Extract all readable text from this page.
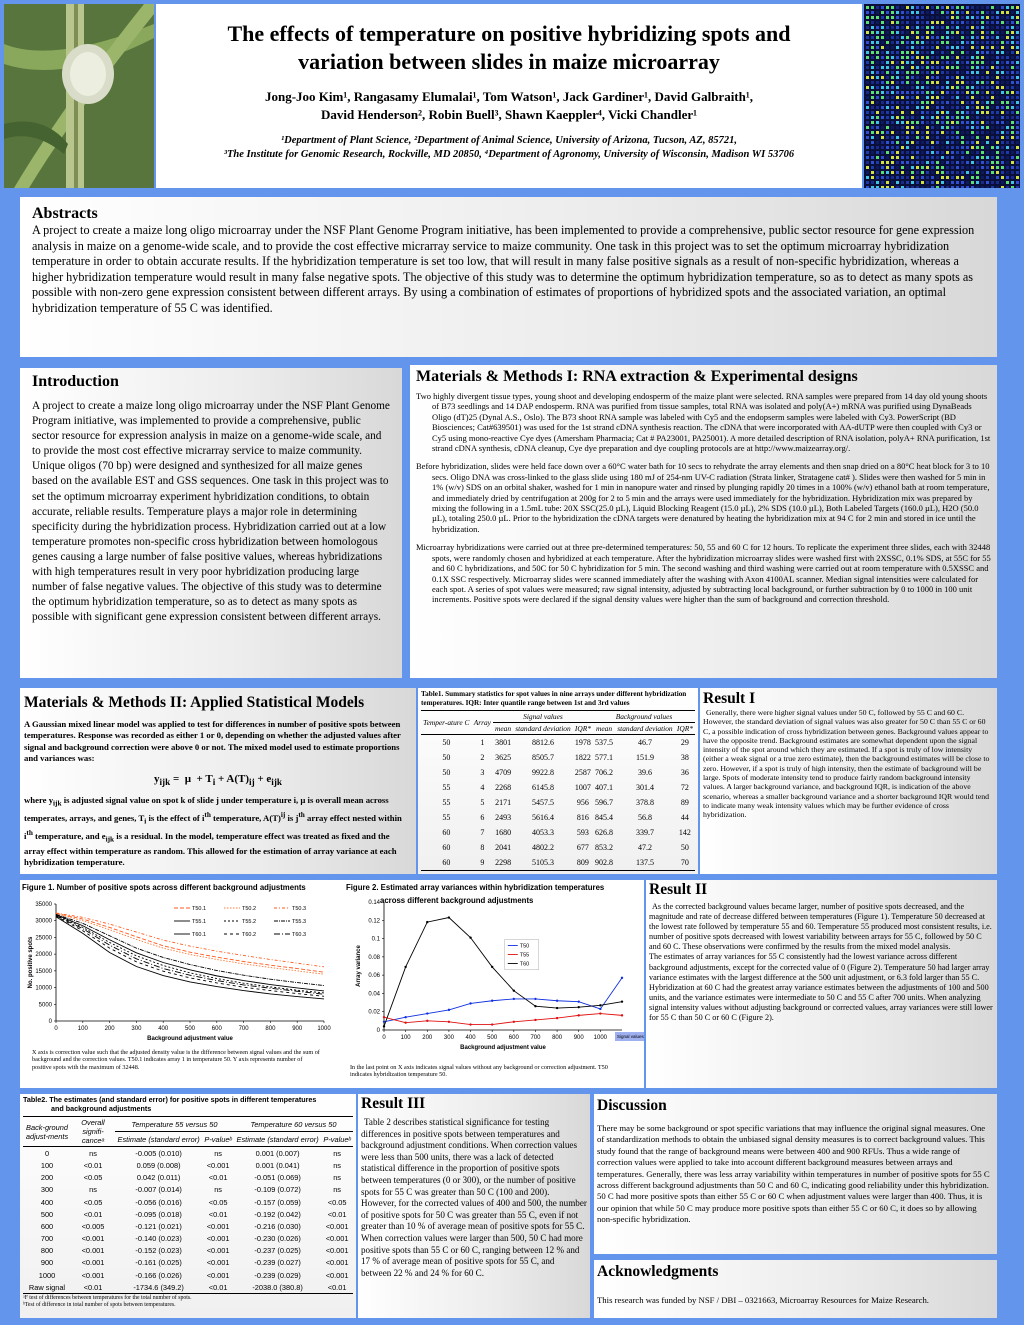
The effects of temperature on positive hybridizing spots and
variation between slides in maize microarray
Jong-Joo Kim¹, Rangasamy Elumalai¹, Tom Watson¹, Jack Gardiner¹, David Galbraith¹,
David Henderson², Robin Buell³, Shawn Kaeppler⁴, Vicki Chandler¹
¹Department of Plant Science, ²Department of Animal Science, University of Arizona, Tucson, AZ, 85721,
³The Institute for Genomic Research, Rockville, MD 20850, ⁴Department of Agronomy, University of Wisconsin, Madison WI 53706
Abstracts

A project to create a maize long oligo microarray under the NSF Plant Genome Program initiative, has been implemented to provide a comprehensive, public sector resource for gene expression analysis in maize on a genome-wide scale, and to provide the cost effective micrarray service to maize community. One task in this project was to set the optimum microarray hybridization temperature in order to obtain accurate results. If the hybridization temperature is set too low, that will result in many false positive signals as a result of non-specific hybridization, whereas a higher hybridization temperature would result in many false negative spots. The objective of this study was to determine the optimum hybridization temperature, so as to detect as many spots as possible with non-zero gene expression consistent between different arrays. By using a combination of estimates of proportions of hybridized spots and the associated variation, an optimal hybridization temperature of 55 C was identified.

Introduction

A project to create a maize long oligo microarray under the NSF Plant Genome Program initiative, was implemented to provide a comprehensive, public sector resource for expression analysis in maize on a genome-wide scale, and to provide the most cost effective micrarray service to maize community. Unique oligos (70 bp) were designed and synthesized for all maize genes based on the available EST and GSS sequences. One task in this project was to set the optimum microarray experiment hybridization conditions, to obtain accurate, reliable results. Temperature plays a major role in determining specificity during the hybridization process. Hybridization carried out at a low temperature promotes non-specific cross hybridization between homologous genes causing a large number of false positive values, whereas hybridizations with high temperatures result in very poor hybridization producing large number of false negative values. The objective of this study was to determine the optimum hybridization temperature, so as to detect as many spots as possible with significant gene expression consistent between different arrays.

Materials & Methods I: RNA extraction & Experimental designs

Two highly divergent tissue types, young shoot and developing endosperm of the maize plant were selected. RNA samples were prepared from 14 day old young shoots of B73 seedlings and 14 DAP endosperm. RNA was purified from tissue samples, total RNA was isolated and poly(A+) mRNA was purified using DynaBeads Oligo (dT)25 (Dynal A.S., Oslo). The B73 shoot RNA sample was labeled with Cy5 and the endopserm samples were labeled with Cy3. PowerScript (BD Biosciences; Cat#639501) was used for the 1st strand cDNA synthesis reaction. The cDNA that were incorporated with AA-dUTP were then coupled with Cy3 or Cy5 using mono-reactive Cye dyes (Amersham Pharmacia; Cat # PA23001, PA25001). A more detailed description of RNA isolation, polyA+ RNA purification, 1st strand cDNA synthesis, cDNA cleanup, Cye dye preparation and dye coupling protocols are at http://www.maizearray.org/.

Before hybridization, slides were held face down over a 60°C water bath for 10 secs to rehydrate the array elements and then snap dried on a 80°C heat block for 3 to 10 secs. Oligo DNA was cross-linked to the glass slide using 180 mJ of 254-nm UV-C radiation (Strata linker, Stratagene cat# ). Slides were then washed for 5 min in 1% (w/v) SDS on an orbital shaker, washed for 1 min in nanopure water and rinsed by plunging rapidly 20 times in a 100% (w/v) ethanol bath at room temperature, and immediately dried by centrifugation at 200g for 2 to 5 min and the arrays were used immediately for the hybridization. Hybridization mix was prepared by mixing the following in a 1.5mL tube: 20X SSC(25.0 µL), Liquid Blocking Reagent (15.0 µL), 2% SDS (10.0 µL), Both Labeled Targets (160.0 µL), H2O (50.0 µL), totaling 250.0 µL. Prior to the hybridization the cDNA targets were denatured by heating the hybridization mix at 94 C for 2 min and stored in ice until the hybridization.

Microarray hybridizations were carried out at three pre-determined temperatures: 50, 55 and 60 C for 12 hours. To replicate the experiment three slides, each with 32448 spots, were randomly chosen and hybridized at each temperature. After the hybridization microarray slides were washed first with 2XSSC, 0.1% SDS, at 55C for 55 and 60 C hybridizations, and 50C for 50 C hybridization for 5 min. The second washing and third washing were carried out at room temperature with 0.5XSSC and 0.1X SSC respectively. Microarray slides were scanned immediately after the washing with Axon 4100AL scanner. Median signal intensities were calculated for each spot. A series of spot values were measured; raw signal intensity, adjusted by subtracting local background, or further subtraction by 0 to 1000 in 100 unit increments. Positive spots were declared if the signal density values were higher than the sum of background and correction threshold.

Materials & Methods II: Applied Statistical Models

A Gaussian mixed linear model was applied to test for differences in number of positive spots between temperatures. Response was recorded as either 1 or 0, depending on whether the adjusted values after signal and background correction were above 0 or not. The mixed model used to estimate proportions and variances was:

$y_{ijk} = \mu + T_i + A(T)_{ij} + e_{ijk}$

where $y_{ijk}$ is adjusted signal value on spot k of slide j under temperature i, µ is overall mean across temperates, arrays, and genes, $T_i$ is the effect of $i^{th}$ temperature, $A(T)^{ij}$ is $j^{th}$ array effect nested within $i^{th}$ temperature, and $e_{ijk}$ is a residual. In the model, temperature effect was treated as fixed and the array effect within temperature as random. This allowed for the estimation of array variance at each hybridization temperature.

Table1. Summary statistics for spot values in nine arrays under different hybridization temperatures. IQR: Inter quantile range between 1st and 3rd values

Temper-ature C	Array	Signal values			Background values		
		mean	standard deviation	IQR*	mean	standard deviation	IQR*
50	1	3801	8812.6	1978	537.5	46.7	29
50	2	3625	8505.7	1822	577.1	151.9	38
50	3	4709	9922.8	2587	706.2	39.6	36
55	4	2268	6145.8	1007	407.1	301.4	72
55	5	2171	5457.5	956	596.7	378.8	89
55	6	2493	5616.4	816	845.4	56.8	44
60	7	1680	4053.3	593	626.8	339.7	142
60	8	2041	4802.2	677	853.2	47.2	50
60	9	2298	5105.3	809	902.8	137.5	70
Result I

Generally, there were higher signal values under 50 C, followed by 55 C and 60 C. However, the standard deviation of signal values was also greater for 50 C than 55 C or 60 C, a possible indication of cross hybridization between genes. Background values appear to have the opposite trend. Background estimates are somewhat dependent upon the signal intensity of the spot around which they are estimated. If a spot is truly of low intensity (either a weak signal or a true zero estimate), then the background estimates will be close to zero. However, if a spot is truly of high intensity, then the estimate of background will be large. Spots of moderate intensity tend to produce fairly random background intensity values. A larger background variance, and background IQR, is indication of the above scenario, whereas a smaller background variance and a shorter background IQR would tend to indicate many weak intensity values which may be further evidence of cross hybridization.

Figure 1. Number of positive spots across different background adjustments

0
5000
10000
15000
20000
25000
30000
35000
0	100	200	300	400	500	600	700	800	900	1000
Background adjustment value
No. positive spots
T50.1	T50.2	T50.3
T55.1	T55.2	T55.3
T60.1	T60.2	T60.3

X axis is correction value such that the adjusted density value is the difference between signal values and the sum of background and the correction values. T50.1 indicates array 1 in temperature 50. Y axis represents number of positive spots with the maximum of 32448.

Figure 2. Estimated array variances within hybridization temperatures

across different background adjustments

0
0.02
0.04
0.06
0.08
0.1
0.12
0.14
0 100 200 300 400 500 600 700 800 900 1000 Signal values
Background adjustment value
Array variance	T50
T55
T60

In the last point on X axis indicates signal values without any background or correction adjustment. T50 indicates hybridization temperature 50.

Result II

As the corrected background values became larger, number of positive spots decreased, and the magnitude and rate of decrease differed between temperatures (Figure 1). Temperature 50 decreased at the lowest rate followed by temperature 55 and 60. Temperature 55 produced most consistent results, i.e. number of positive spots decreased with lowest variability between arrays for 55 C, followed by 50 C and 60 C. These observations were confirmed by the results from the mixed model analysis.

The estimates of array variances for 55 C consistently had the lowest variance across different background adjustments, except for the corrected value of 0 (Figure 2). Temperature 50 had larger array variance estimates with the largest difference at the 500 unit adjustment, or 6.3 fold larger than 55 C. Hybridization at 60 C had the greatest array variance estimates between the adjustments of 100 and 500 units, and the variance estimates were intermediate to 50 C and 55 C after 700 units. When analyzing signal intensity values without adjusting background or corrected values, array variances were still lower for 55 C than 50 C or 60 C (Figure 2).

Table2. The estimates (and standard error) for positive spots in different temperatures

and background adjustments

Back-ground adjust-ments	Overall signifi-canceᵃ	Temperature 55 versus 50		Temperature 60 versus 50	
		Estimate (standard error)	P-valueᵇ	Estimate (standard error)	P-valueᵇ
0	ns	-0.005 (0.010)	ns	0.001 (0.007)	ns
100	<0.01	0.059 (0.008)	<0.001	0.001 (0.041)	ns
200	<0.05	0.042 (0.011)	<0.01	-0.051 (0.069)	ns
300	ns	-0.007 (0.014)	ns	-0.109 (0.072)	ns
400	<0.05	-0.056 (0.016)	<0.05	-0.157 (0.059)	<0.05
500	<0.01	-0.095 (0.018)	<0.01	-0.192 (0.042)	<0.01
600	<0.005	-0.121 (0.021)	<0.001	-0.216 (0.030)	<0.001
700	<0.001	-0.140 (0.023)	<0.001	-0.230 (0.026)	<0.001
800	<0.001	-0.152 (0.023)	<0.001	-0.237 (0.025)	<0.001
900	<0.001	-0.161 (0.025)	<0.001	-0.239 (0.027)	<0.001
1000	<0.001	-0.166 (0.026)	<0.001	-0.239 (0.029)	<0.001
Raw signal	<0.01	-1734.6 (349.2)	<0.01	-2038.0 (380.8)	<0.01

ᵃF test of differences between temperatures for the total number of spots.

ᵇTest of difference in total number of spots between temperatures.

Result III

Table 2 describes statistical significance for testing differences in positive spots between temperatures and background adjustment conditions. When correction values were less than 500 units, there was a lack of detected statistical difference in the proportion of positive spots between temperatures (0 or 300), or the number of positive spots for 55 C was greater than 50 C (100 and 200).

However, for the corrected values of 400 and 500, the number of positive spots for 50 C was greater than 55 C, even if not greater than 10 % of average mean of positive spots for 55 C. When correction values were larger than 500, 50 C had more positive spots than 55 C or 60 C, ranging between 12 % and 17 % of average mean of positive spots for 55 C, and between 22 % and 24 % for 60 C.

Discussion

There may be some background or spot specific variations that may influence the original signal measures. One of standardization methods to obtain the unbiased signal density measures is to correct background values. This study found that the range of background means were between 400 and 900 RFUs. Thus a wide range of correction values were applied to take into account different background measures between arrays and temperatures. Generally, there was less array variability within temperatures in number of positive spots for 55 C across different background adjustments than 50 C and 60 C, indicating good reliability under this hybridization.

50 C had more positive spots than either 55 C or 60 C when adjustment values were larger than 400. Thus, it is our opinion that while 50 C may produce more positive spots than either 55 C or 60 C, it does so by allowing non-specific hybridization.

Acknowledgments

This research was funded by NSF / DBI – 0321663, Microarray Resources for Maize Research.
